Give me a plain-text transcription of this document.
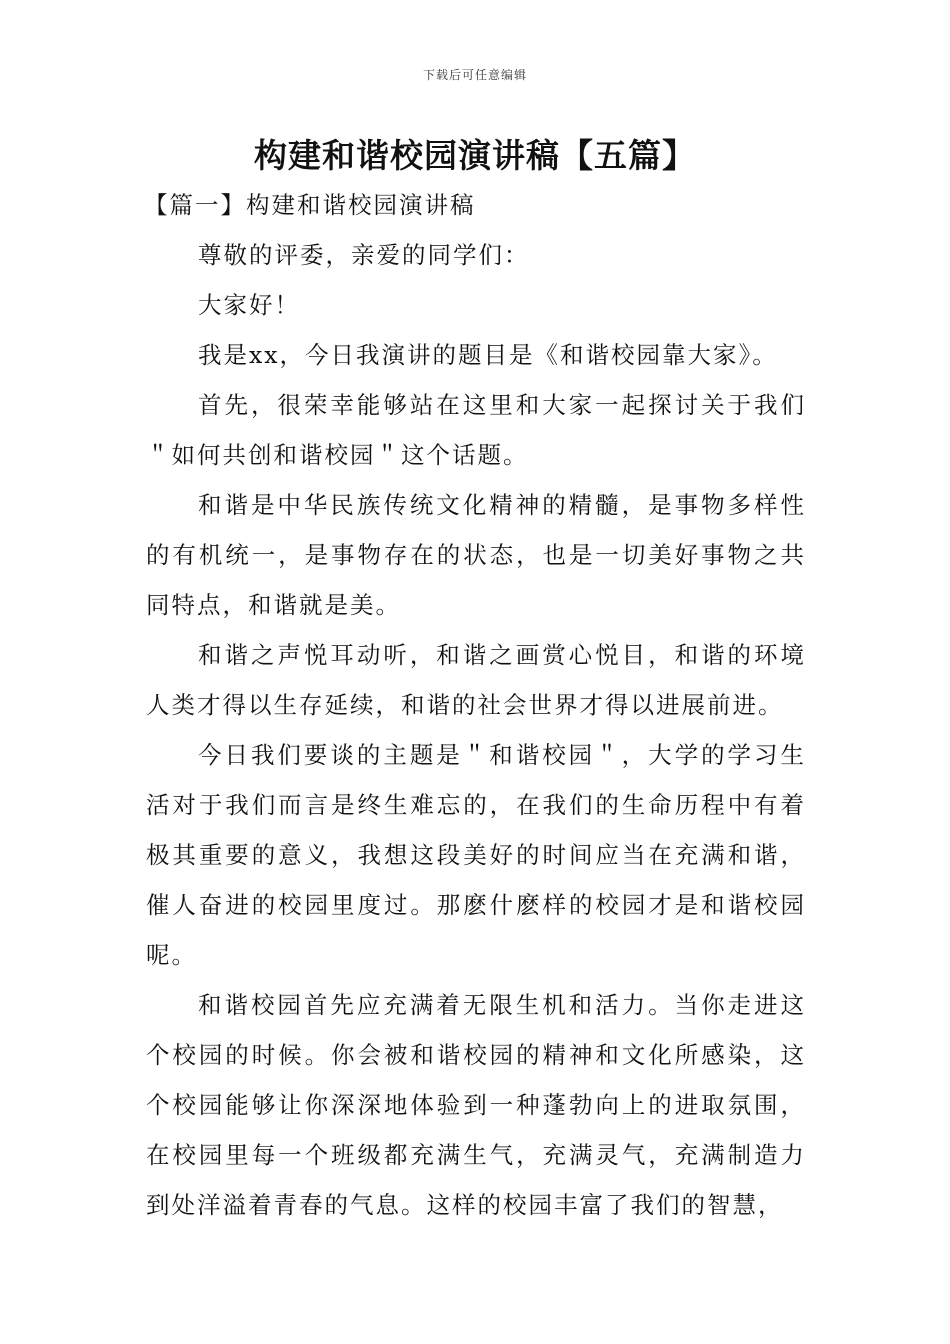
下载后可任意编辑
构建和谐校园演讲稿【五篇】
【篇一】构建和谐校园演讲稿

尊敬的评委，亲爱的同学们：

大家好！

我是xx，今日我演讲的题目是《和谐校园靠大家》。

首先，很荣幸能够站在这里和大家一起探讨关于我们＂如何共创和谐校园＂这个话题。

和谐是中华民族传统文化精神的精髓，是事物多样性的有机统一，是事物存在的状态，也是一切美好事物之共同特点，和谐就是美。

和谐之声悦耳动听，和谐之画赏心悦目，和谐的环境人类才得以生存延续，和谐的社会世界才得以进展前进。

今日我们要谈的主题是＂和谐校园＂，大学的学习生活对于我们而言是终生难忘的，在我们的生命历程中有着极其重要的意义，我想这段美好的时间应当在充满和谐，催人奋进的校园里度过。那麽什麽样的校园才是和谐校园呢。

和谐校园首先应充满着无限生机和活力。当你走进这个校园的时候。你会被和谐校园的精神和文化所感染，这个校园能够让你深深地体验到一种蓬勃向上的进取氛围，在校园里每一个班级都充满生气，充满灵气，充满制造力到处洋溢着青春的气息。这样的校园丰富了我们的智慧，
